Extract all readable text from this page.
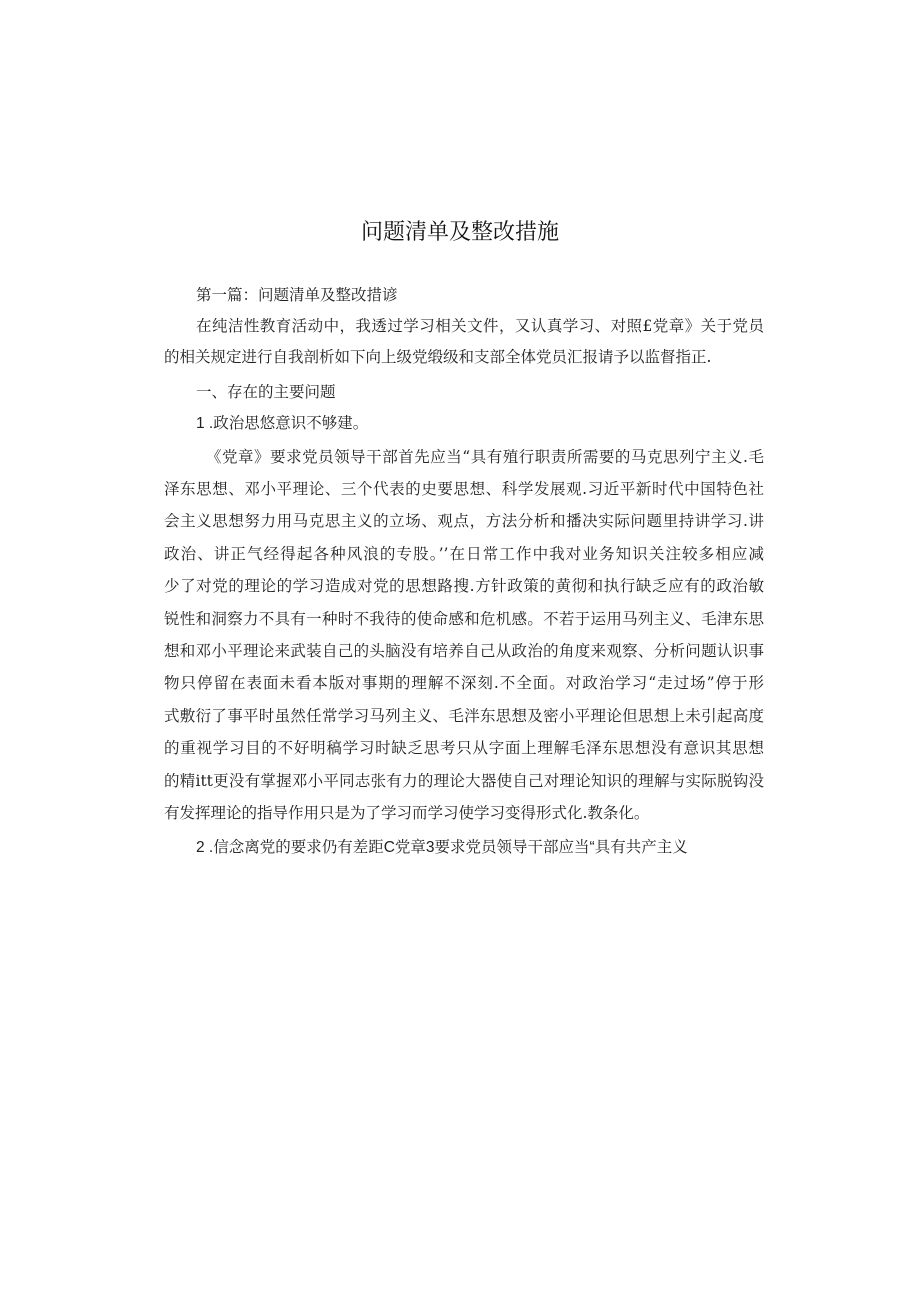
问题清单及整改措施
第一篇：问题清单及整改措谚
在纯洁性教育活动中，我透过学习相关文件，又认真学习、对照£党章》关于党员
的相关规定进行自我剖析如下向上级党缎级和支部全体党员汇报请予以监督指正.
一、存在的主要问题
1 .政治思悠意识不够建。
《党章》要求党员领导干部首先应当“具有殖行职责所需要的马克思列宁主义.毛
泽东思想、邓小平理论、三个代表的史要思想、科学发展观.习近平新时代中国特色社
会主义思想努力用马克思主义的立场、观点，方法分析和播决实际问题里持讲学习.讲
政治、讲正气经得起各种风浪的专股。’’在日常工作中我对业务知识关注较多相应减
少了对党的理论的学习造成对党的思想路搜.方针政策的黄彻和执行缺乏应有的政治敏
锐性和洞察力不具有一种时不我待的使命感和危机感。不若于运用马列主义、毛津东思
想和邓小平理论来武装自己的头脑没有培养自己从政治的角度来观察、分析问题认识事
物只停留在表面未看本版对事期的理解不深刻.不全面。对政治学习“走过场”停于形
式敷衍了事平时虽然任常学习马列主义、毛泮东思想及密小平理论但思想上未引起高度
的重视学习目的不好明稿学习时缺乏思考只从字面上理解毛泽东思想没有意识其思想
的精itt更没有掌握邓小平同志张有力的理论大器使自己对理论知识的理解与实际脱钩没
有发挥理论的指导作用只是为了学习而学习使学习变得形式化.教条化。
2 .信念离党的要求仍有差距C党章3要求党员领导干部应当“具有共产主义
